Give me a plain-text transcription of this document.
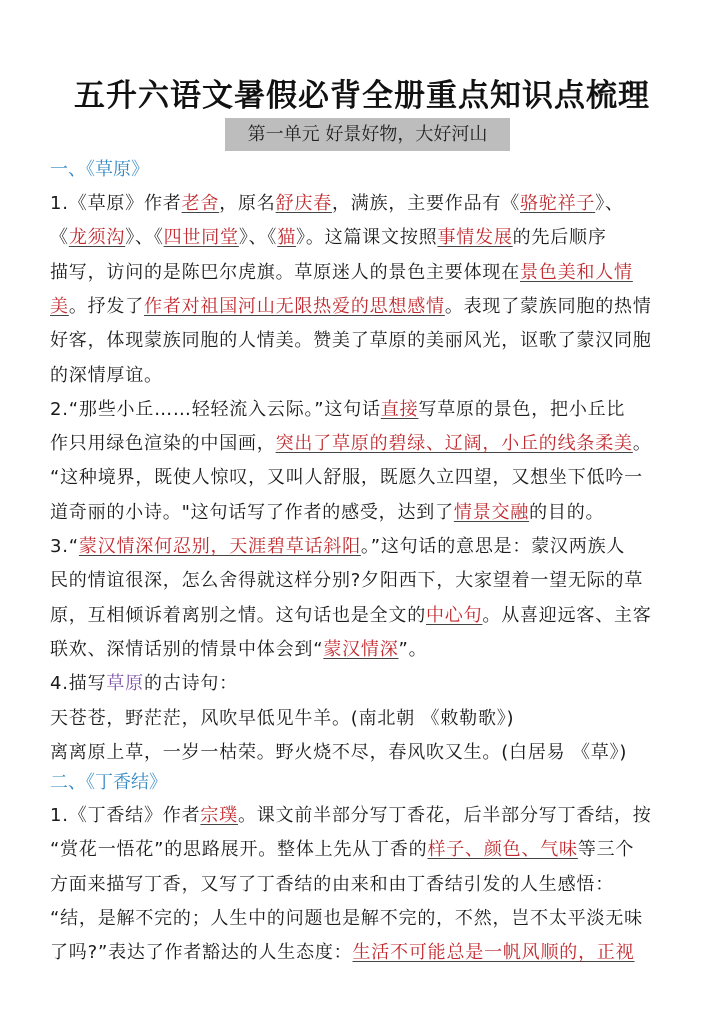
五升六语文暑假必背全册重点知识点梳理
第一单元 好景好物，大好河山
一、《草原》
1.《草原》作者老舍，原名舒庆春，满族，主要作品有《骆驼祥子》、
《龙须沟》、《四世同堂》、《猫》。这篇课文按照事情发展的先后顺序
描写，访问的是陈巴尔虎旗。草原迷人的景色主要体现在景色美和人情
美。抒发了作者对祖国河山无限热爱的思想感情。表现了蒙族同胞的热情
好客，体现蒙族同胞的人情美。赞美了草原的美丽风光，讴歌了蒙汉同胞
的深情厚谊。
2.“那些小丘……轻轻流入云际。”这句话直接写草原的景色，把小丘比
作只用绿色渲染的中国画，突出了草原的碧绿、辽阔，小丘的线条柔美。
“这种境界，既使人惊叹，又叫人舒服，既愿久立四望，又想坐下低吟一
道奇丽的小诗。"这句话写了作者的感受，达到了情景交融的目的。
3.“蒙汉情深何忍别，天涯碧草话斜阳。”这句话的意思是：蒙汉两族人
民的情谊很深，怎么舍得就这样分别?夕阳西下，大家望着一望无际的草
原，互相倾诉着离别之情。这句话也是全文的中心句。从喜迎远客、主客
联欢、深情话别的情景中体会到“蒙汉情深”。
4.描写草原的古诗句：
天苍苍，野茫茫，风吹早低见牛羊。(南北朝 《敕勒歌》)
离离原上草，一岁一枯荣。野火烧不尽，春风吹又生。(白居易 《草》)
二、《丁香结》
1.《丁香结》作者宗璞。课文前半部分写丁香花，后半部分写丁香结，按
“赏花一悟花”的思路展开。整体上先从丁香的样子、颜色、气味等三个
方面来描写丁香，又写了丁香结的由来和由丁香结引发的人生感悟：
“结，是解不完的；人生中的问题也是解不完的，不然，岂不太平淡无味
了吗?”表达了作者豁达的人生态度：生活不可能总是一帆风顺的，正视
